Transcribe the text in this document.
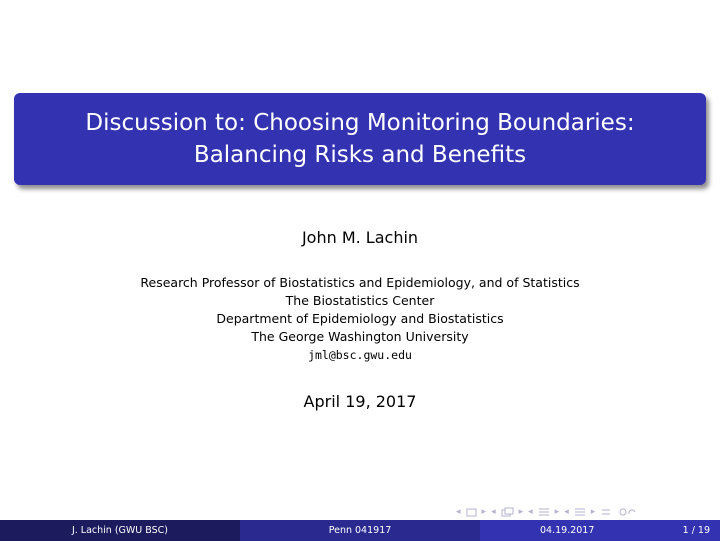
Discussion to: Choosing Monitoring Boundaries:
Balancing Risks and Benefits
John M. Lachin
Research Professor of Biostatistics and Epidemiology, and of Statistics
The Biostatistics Center
Department of Epidemiology and Biostatistics
The George Washington University
jml@bsc.gwu.edu
April 19, 2017
◂ ▸ ◂	▸ ◂ ▸ ◂ ▸
J. Lachin (GWU BSC)	Penn 041917	04.19.2017	1 / 19
